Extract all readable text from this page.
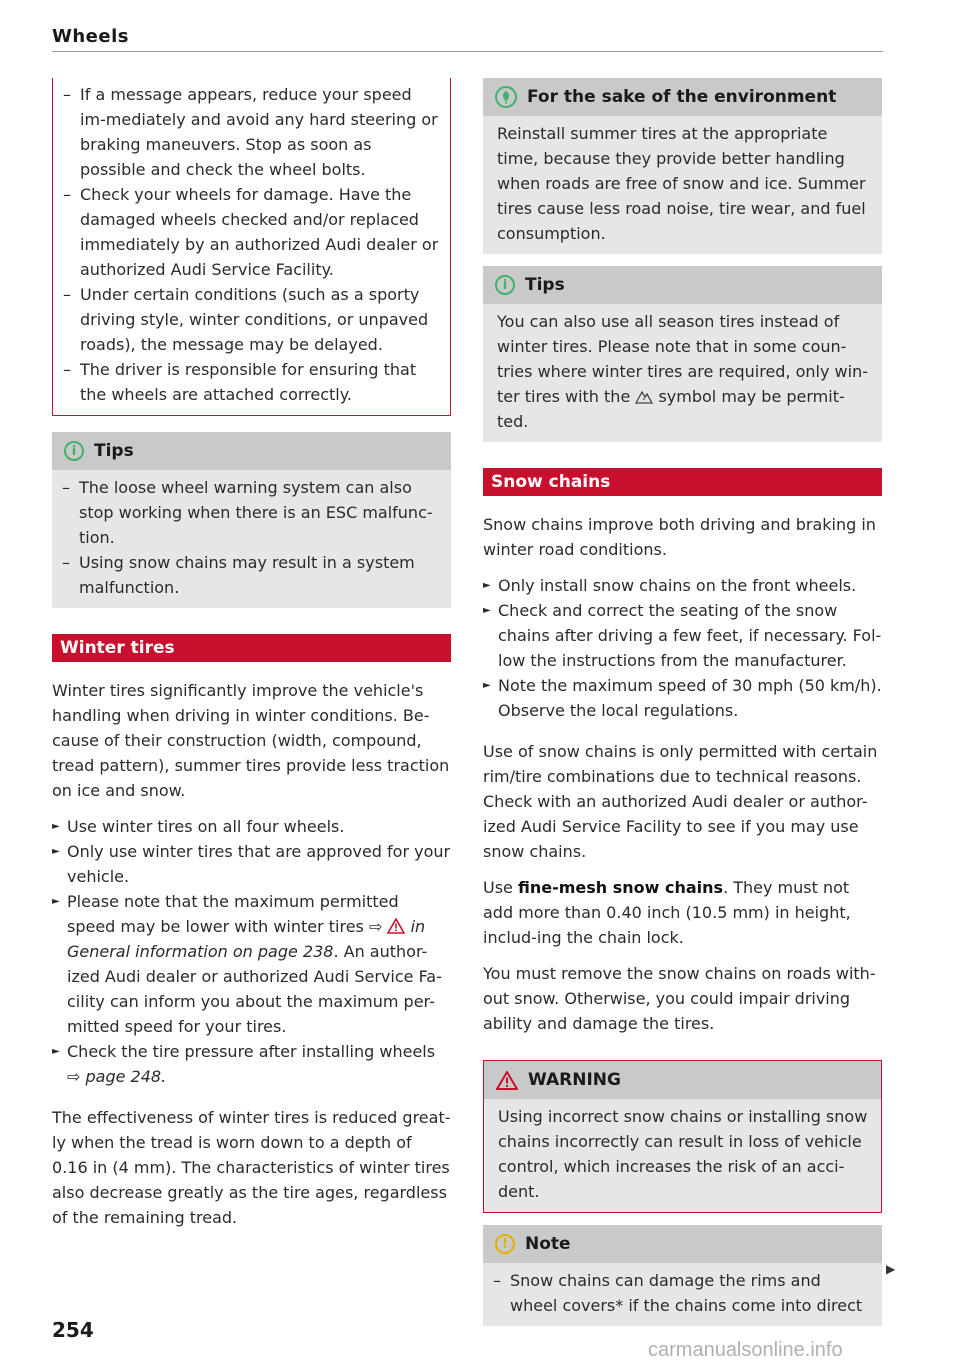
Wheels
– If a message appears, reduce your speed im-mediately and avoid any hard steering or braking maneuvers. Stop as soon as possible and check the wheel bolts.
– Check your wheels for damage. Have the damaged wheels checked and/or replaced immediately by an authorized Audi dealer or authorized Audi Service Facility.
– Under certain conditions (such as a sporty driving style, winter conditions, or unpaved roads), the message may be delayed.
– The driver is responsible for ensuring that the wheels are attached correctly.
i	Tips
– The loose wheel warning system can also stop working when there is an ESC malfunc-tion.
– Using snow chains may result in a system malfunction.
Winter tires

Winter tires significantly improve the vehicle's handling when driving in winter conditions. Be-cause of their construction (width, compound, tread pattern), summer tires provide less traction on ice and snow.

► Use winter tires on all four wheels.
► Only use winter tires that are approved for your vehicle.
► Please note that the maximum permitted speed may be lower with winter tires ⇨ in General information on page 238. An author-ized Audi dealer or authorized Audi Service Fa-cility can inform you about the maximum per-mitted speed for your tires.
► Check the tire pressure after installing wheels ⇨ page 248.

The effectiveness of winter tires is reduced great-ly when the tread is worn down to a depth of 0.16 in (4 mm). The characteristics of winter tires also decrease greatly as the tire ages, regardless of the remaining tread.

For the sake of the environment

Reinstall summer tires at the appropriate time, because they provide better handling when roads are free of snow and ice. Summer tires cause less road noise, tire wear, and fuel consumption.

i	Tips

You can also use all season tires instead of winter tires. Please note that in some coun-tries where winter tires are required, only win-ter tires with the * symbol may be permit-ted.

Snow chains

Snow chains improve both driving and braking in winter road conditions.

► Only install snow chains on the front wheels.
► Check and correct the seating of the snow chains after driving a few feet, if necessary. Fol-low the instructions from the manufacturer.
► Note the maximum speed of 30 mph (50 km/h). Observe the local regulations.

Use of snow chains is only permitted with certain rim/tire combinations due to technical reasons. Check with an authorized Audi dealer or author-ized Audi Service Facility to see if you may use snow chains.

Use fine-mesh snow chains. They must not add more than 0.40 inch (10.5 mm) in height, includ-ing the chain lock.

You must remove the snow chains on roads with-out snow. Otherwise, you could impair driving ability and damage the tires.

WARNING

Using incorrect snow chains or installing snow chains incorrectly can result in loss of vehicle control, which increases the risk of an acci-dent.

!	Note
– Snow chains can damage the rims and wheel covers* if the chains come into direct
▶
254
carmanualsonline.info
